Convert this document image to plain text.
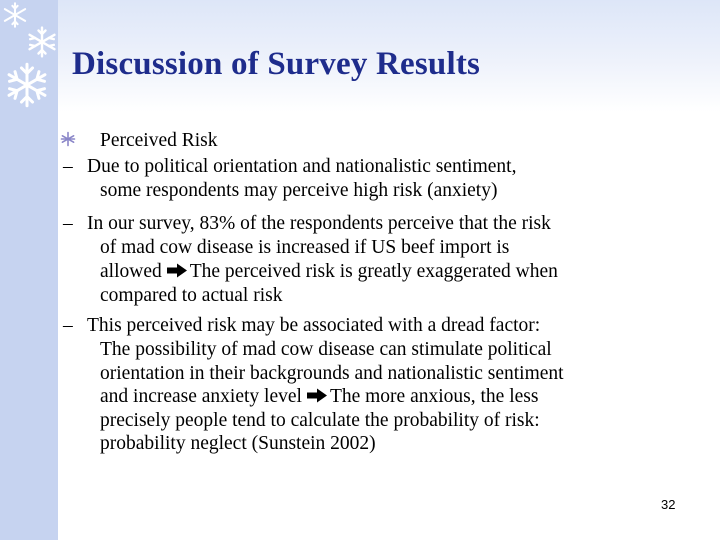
Discussion of Survey Results
Perceived Risk
– Due to political orientation and nationalistic sentiment,
some respondents may perceive high risk (anxiety)
– In our survey, 83% of the respondents perceive that the risk
of mad cow disease is increased if US beef import is
allowed The perceived risk is greatly exaggerated when
compared to actual risk
– This perceived risk may be associated with a dread factor:
The possibility of mad cow disease can stimulate political
orientation in their backgrounds and nationalistic sentiment
and increase anxiety level The more anxious, the less
precisely people tend to calculate the probability of risk:
probability neglect (Sunstein 2002)
32
